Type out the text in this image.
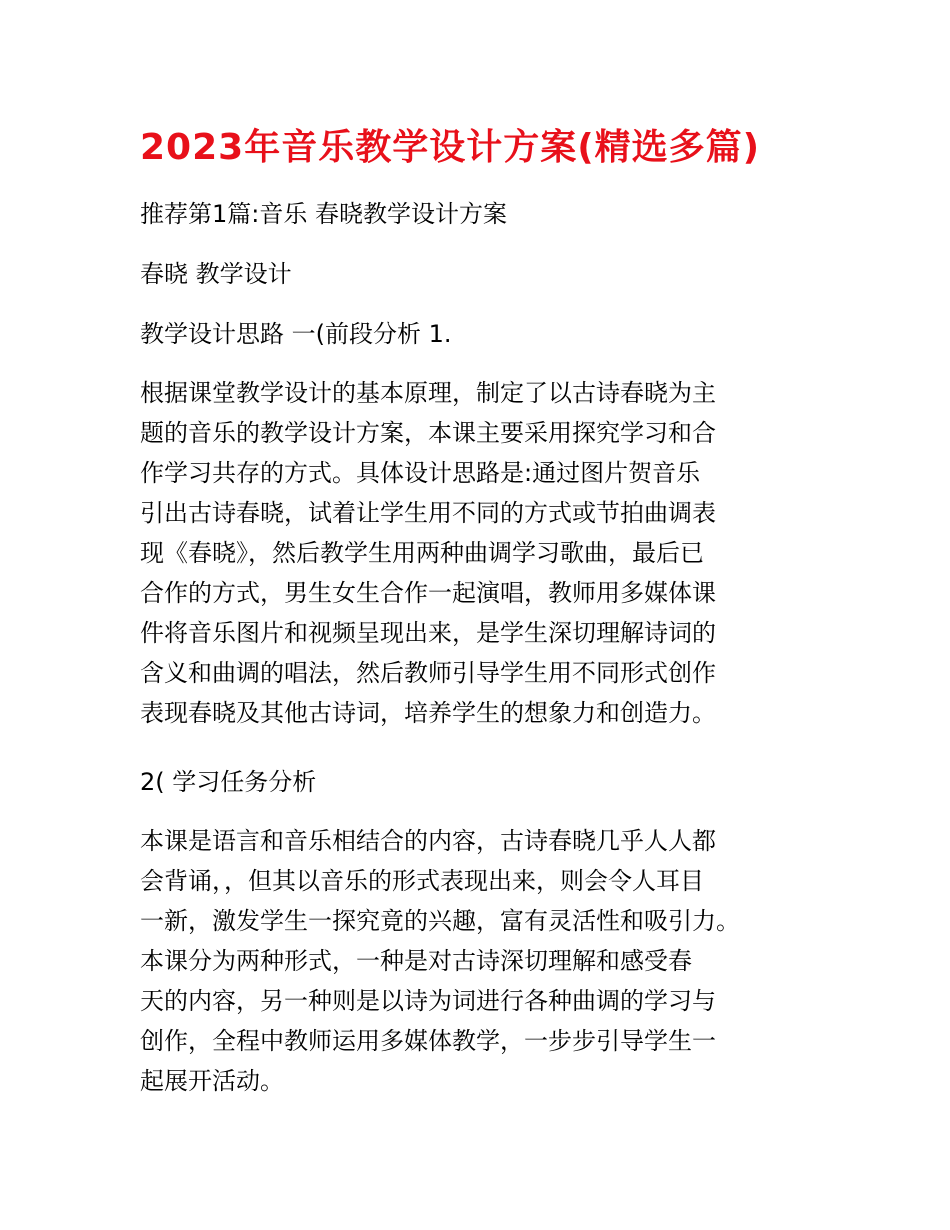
2023年音乐教学设计方案(精选多篇)
推荐第1篇:音乐 春晓教学设计方案
春晓 教学设计
教学设计思路 一(前段分析 1.
根据课堂教学设计的基本原理，制定了以古诗春晓为主
题的音乐的教学设计方案，本课主要采用探究学习和合
作学习共存的方式。具体设计思路是:通过图片贺音乐
引出古诗春晓，试着让学生用不同的方式或节拍曲调表
现《春晓》，然后教学生用两种曲调学习歌曲，最后已
合作的方式，男生女生合作一起演唱，教师用多媒体课
件将音乐图片和视频呈现出来，是学生深切理解诗词的
含义和曲调的唱法，然后教师引导学生用不同形式创作
表现春晓及其他古诗词，培养学生的想象力和创造力。
2( 学习任务分析
本课是语言和音乐相结合的内容，古诗春晓几乎人人都
会背诵，，但其以音乐的形式表现出来，则会令人耳目
一新，激发学生一探究竟的兴趣，富有灵活性和吸引力。
本课分为两种形式，一种是对古诗深切理解和感受春
天的内容，另一种则是以诗为词进行各种曲调的学习与
创作，全程中教师运用多媒体教学，一步步引导学生一
起展开活动。
